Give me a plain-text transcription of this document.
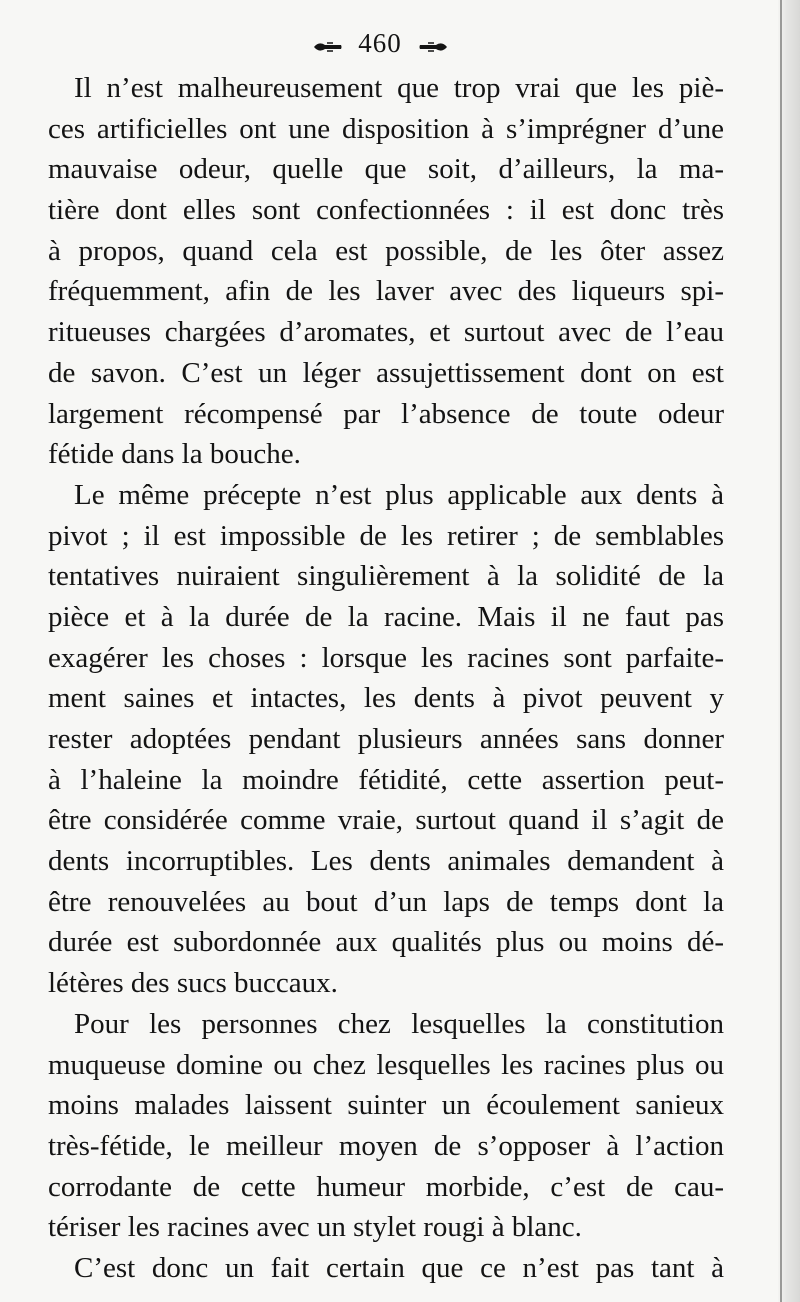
460
Il n’est malheureusement que trop vrai que les piè-
ces artificielles ont une disposition à s’imprégner d’une
mauvaise odeur, quelle que soit, d’ailleurs, la ma-
tière dont elles sont confectionnées : il est donc très
à propos, quand cela est possible, de les ôter assez
fréquemment, afin de les laver avec des liqueurs spi-
ritueuses chargées d’aromates, et surtout avec de l’eau
de savon. C’est un léger assujettissement dont on est
largement récompensé par l’absence de toute odeur
fétide dans la bouche.
Le même précepte n’est plus applicable aux dents à
pivot ; il est impossible de les retirer ; de semblables
tentatives nuiraient singulièrement à la solidité de la
pièce et à la durée de la racine. Mais il ne faut pas
exagérer les choses : lorsque les racines sont parfaite-
ment saines et intactes, les dents à pivot peuvent y
rester adoptées pendant plusieurs années sans donner
à l’haleine la moindre fétidité, cette assertion peut-
être considérée comme vraie, surtout quand il s’agit de
dents incorruptibles. Les dents animales demandent à
être renouvelées au bout d’un laps de temps dont la
durée est subordonnée aux qualités plus ou moins dé-
létères des sucs buccaux.
Pour les personnes chez lesquelles la constitution
muqueuse domine ou chez lesquelles les racines plus ou
moins malades laissent suinter un écoulement sanieux
très-fétide, le meilleur moyen de s’opposer à l’action
corrodante de cette humeur morbide, c’est de cau-
tériser les racines avec un stylet rougi à blanc.
C’est donc un fait certain que ce n’est pas tant à
